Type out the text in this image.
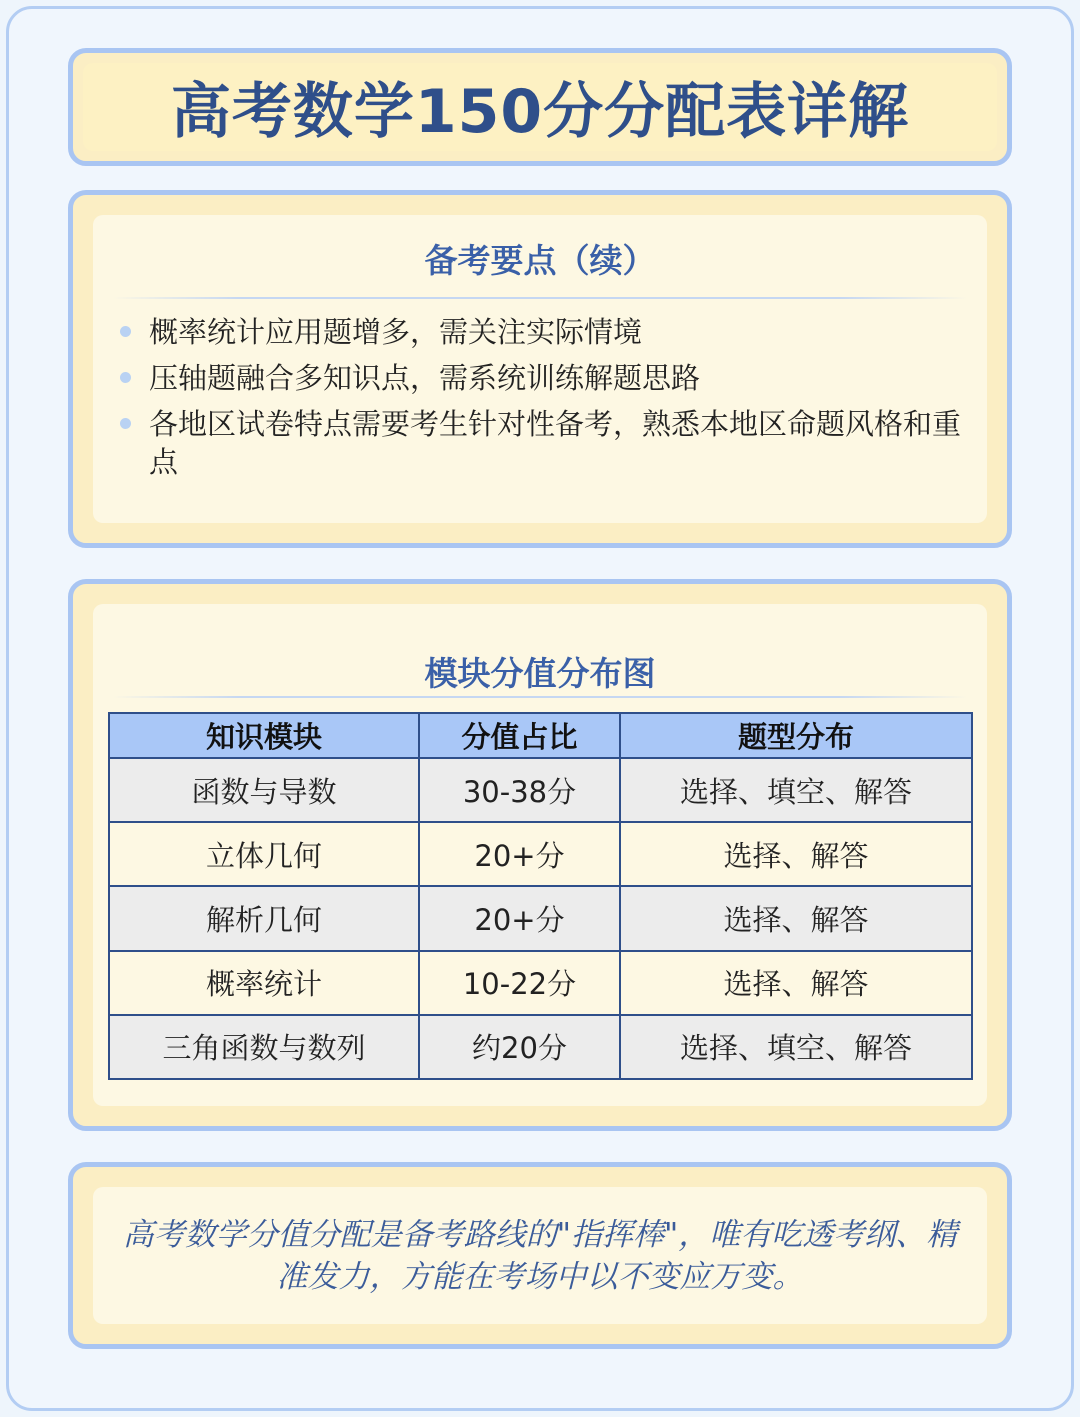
高考数学150分分配表详解
备考要点（续）
概率统计应用题增多，需关注实际情境
压轴题融合多知识点，需系统训练解题思路
各地区试卷特点需要考生针对性备考，熟悉本地区命题风格和重点
模块分值分布图
知识模块	分值占比	题型分布
函数与导数	30-38分	选择、填空、解答
立体几何	20+分	选择、解答
解析几何	20+分	选择、解答
概率统计	10-22分	选择、解答
三角函数与数列	约20分	选择、填空、解答
高考数学分值分配是备考路线的"指挥棒"，唯有吃透考纲、精准发力，方能在考场中以不变应万变。
